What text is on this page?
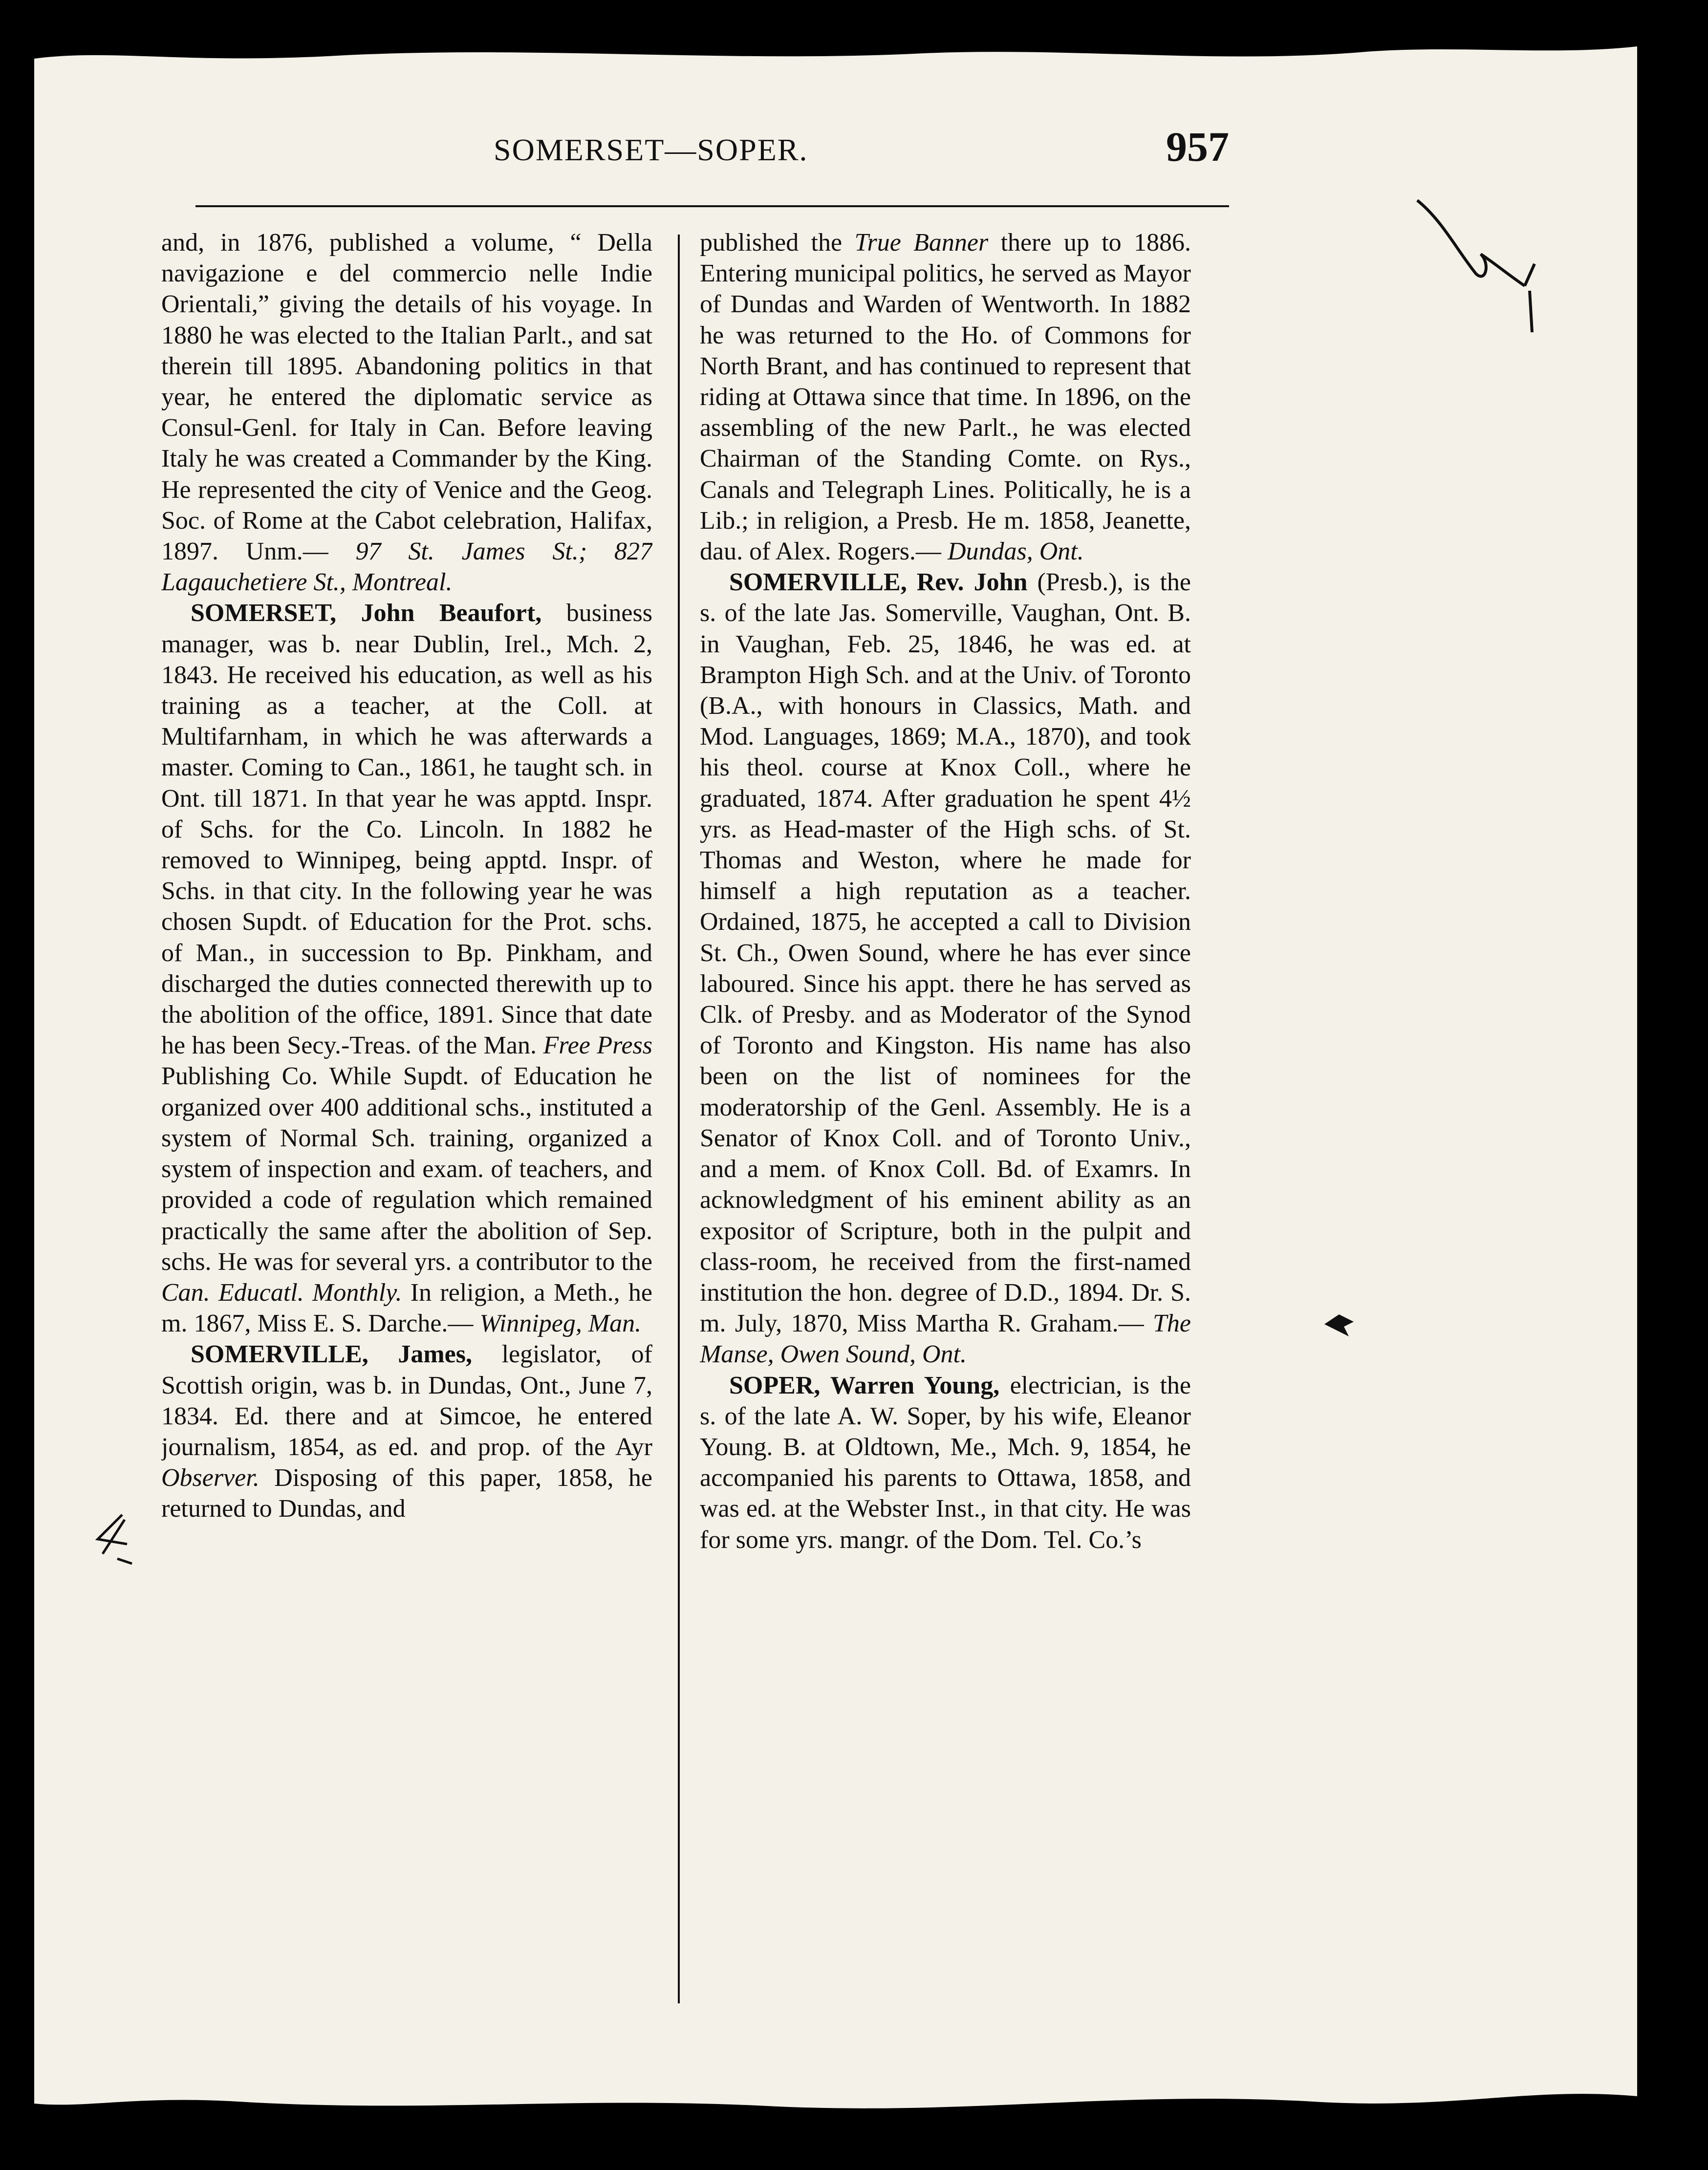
SOMERSET—SOPER.	957

and, in 1876, published a volume, “ Della navigazione e del commercio nelle Indie Orientali,” giving the details of his voyage. In 1880 he was elected to the Italian Parlt., and sat therein till 1895. Abandoning politics in that year, he entered the diplomatic service as Consul-Genl. for Italy in Can. Before leaving Italy he was created a Commander by the King. He represented the city of Venice and the Geog. Soc. of Rome at the Cabot celebration, Halifax, 1897. Unm.— 97 St. James St.; 827 Lagauchetiere St., Montreal.

SOMERSET, John Beaufort, business manager, was b. near Dublin, Irel., Mch. 2, 1843. He received his education, as well as his training as a teacher, at the Coll. at Multifarnham, in which he was afterwards a master. Coming to Can., 1861, he taught sch. in Ont. till 1871. In that year he was apptd. Inspr. of Schs. for the Co. Lincoln. In 1882 he removed to Winnipeg, being apptd. Inspr. of Schs. in that city. In the following year he was chosen Supdt. of Education for the Prot. schs. of Man., in succession to Bp. Pinkham, and discharged the duties connected therewith up to the abolition of the office, 1891. Since that date he has been Secy.-Treas. of the Man. Free Press Publishing Co. While Supdt. of Education he organized over 400 additional schs., instituted a system of Normal Sch. training, organized a system of inspection and exam. of teachers, and provided a code of regulation which remained practically the same after the abolition of Sep. schs. He was for several yrs. a contributor to the Can. Educatl. Monthly. In religion, a Meth., he m. 1867, Miss E. S. Darche.— Winnipeg, Man.

SOMERVILLE, James, legislator, of Scottish origin, was b. in Dundas, Ont., June 7, 1834. Ed. there and at Simcoe, he entered journalism, 1854, as ed. and prop. of the Ayr Observer. Disposing of this paper, 1858, he returned to Dundas, and

published the True Banner there up to 1886. Entering municipal politics, he served as Mayor of Dundas and Warden of Wentworth. In 1882 he was returned to the Ho. of Commons for North Brant, and has continued to represent that riding at Ottawa since that time. In 1896, on the assembling of the new Parlt., he was elected Chairman of the Standing Comte. on Rys., Canals and Telegraph Lines. Politically, he is a Lib.; in religion, a Presb. He m. 1858, Jeanette, dau. of Alex. Rogers.— Dundas, Ont.

SOMERVILLE, Rev. John (Presb.), is the s. of the late Jas. Somerville, Vaughan, Ont. B. in Vaughan, Feb. 25, 1846, he was ed. at Brampton High Sch. and at the Univ. of Toronto (B.A., with honours in Classics, Math. and Mod. Languages, 1869; M.A., 1870), and took his theol. course at Knox Coll., where he graduated, 1874. After graduation he spent 4½ yrs. as Head-master of the High schs. of St. Thomas and Weston, where he made for himself a high reputation as a teacher. Ordained, 1875, he accepted a call to Division St. Ch., Owen Sound, where he has ever since laboured. Since his appt. there he has served as Clk. of Presby. and as Moderator of the Synod of Toronto and Kingston. His name has also been on the list of nominees for the moderatorship of the Genl. Assembly. He is a Senator of Knox Coll. and of Toronto Univ., and a mem. of Knox Coll. Bd. of Examrs. In acknowledgment of his eminent ability as an expositor of Scripture, both in the pulpit and class-room, he received from the first-named institution the hon. degree of D.D., 1894. Dr. S. m. July, 1870, Miss Martha R. Graham.— The Manse, Owen Sound, Ont.

SOPER, Warren Young, electrician, is the s. of the late A. W. Soper, by his wife, Eleanor Young. B. at Oldtown, Me., Mch. 9, 1854, he accompanied his parents to Ottawa, 1858, and was ed. at the Webster Inst., in that city. He was for some yrs. mangr. of the Dom. Tel. Co.’s
